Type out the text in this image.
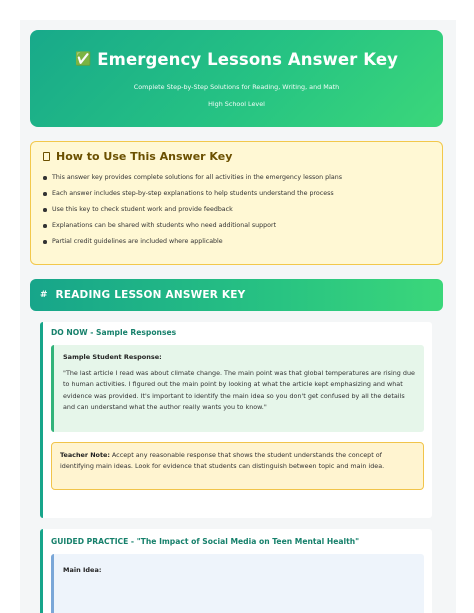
✅ Emergency Lessons Answer Key
Complete Step-by-Step Solutions for Reading, Writing, and Math
High School Level
How to Use This Answer Key
This answer key provides complete solutions for all activities in the emergency lesson plans
Each answer includes step-by-step explanations to help students understand the process
Use this key to check student work and provide feedback
Explanations can be shared with students who need additional support
Partial credit guidelines are included where applicable
# READING LESSON ANSWER KEY
DO NOW - Sample Responses
Sample Student Response:
"The last article I read was about climate change. The main point was that global temperatures are rising due to human activities. I figured out the main point by looking at what the article kept emphasizing and what evidence was provided. It's important to identify the main idea so you don't get confused by all the details and can understand what the author really wants you to know."

Teacher Note: Accept any reasonable response that shows the student understands the concept of identifying main ideas. Look for evidence that students can distinguish between topic and main idea.

GUIDED PRACTICE - "The Impact of Social Media on Teen Mental Health"
Main Idea:
